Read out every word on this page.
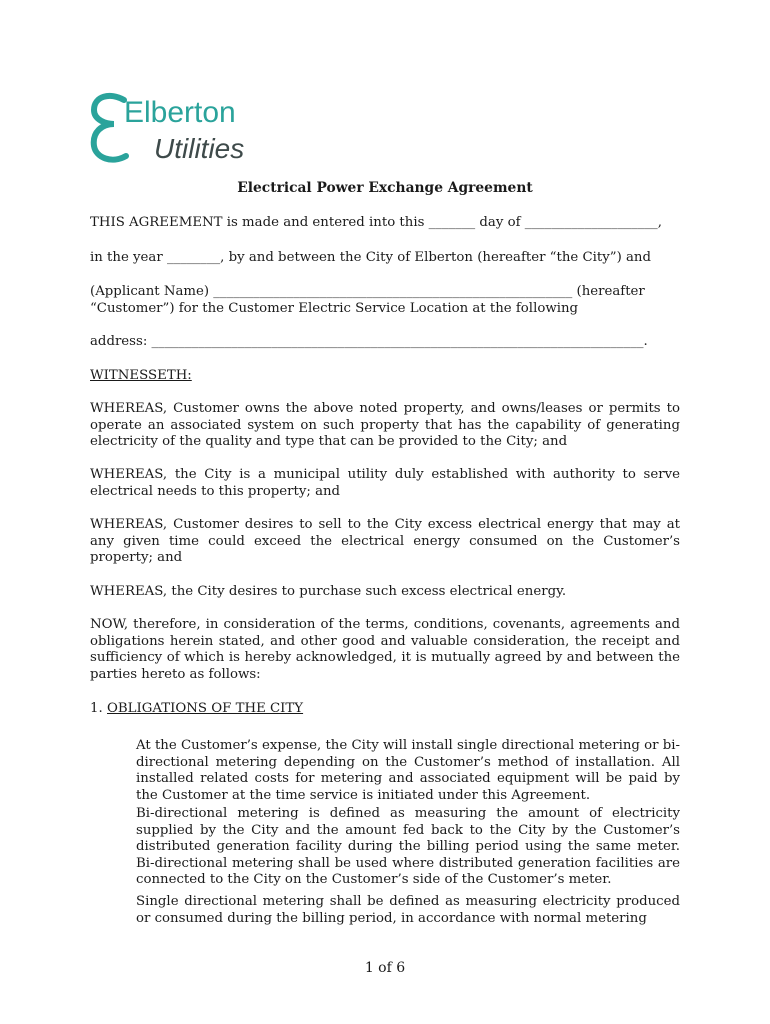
Elberton
Utilities
Electrical Power Exchange Agreement
THIS AGREEMENT is made and entered into this _______ day of ____________________,
in the year ________, by and between the City of Elberton (hereafter “the City”) and
(Applicant Name) ______________________________________________________ (hereafter
“Customer”) for the Customer Electric Service Location at the following
address: __________________________________________________________________________.
WITNESSETH:
WHEREAS, Customer owns the above noted property, and owns/leases or permits to operate an associated system on such property that has the capability of generating electricity of the quality and type that can be provided to the City; and
WHEREAS, the City is a municipal utility duly established with authority to serve electrical needs to this property; and
WHEREAS, Customer desires to sell to the City excess electrical energy that may at any given time could exceed the electrical energy consumed on the Customer’s property; and
WHEREAS, the City desires to purchase such excess electrical energy.
NOW, therefore, in consideration of the terms, conditions, covenants, agreements and obligations herein stated, and other good and valuable consideration, the receipt and sufficiency of which is hereby acknowledged, it is mutually agreed by and between the parties hereto as follows:
1. OBLIGATIONS OF THE CITY
At the Customer’s expense, the City will install single directional metering or bi-directional metering depending on the Customer’s method of installation. All installed related costs for metering and associated equipment will be paid by the Customer at the time service is initiated under this Agreement.
Bi-directional metering is defined as measuring the amount of electricity supplied by the City and the amount fed back to the City by the Customer’s distributed generation facility during the billing period using the same meter. Bi-directional metering shall be used where distributed generation facilities are connected to the City on the Customer’s side of the Customer’s meter.
Single directional metering shall be defined as measuring electricity produced or consumed during the billing period, in accordance with normal metering
1 of 6
